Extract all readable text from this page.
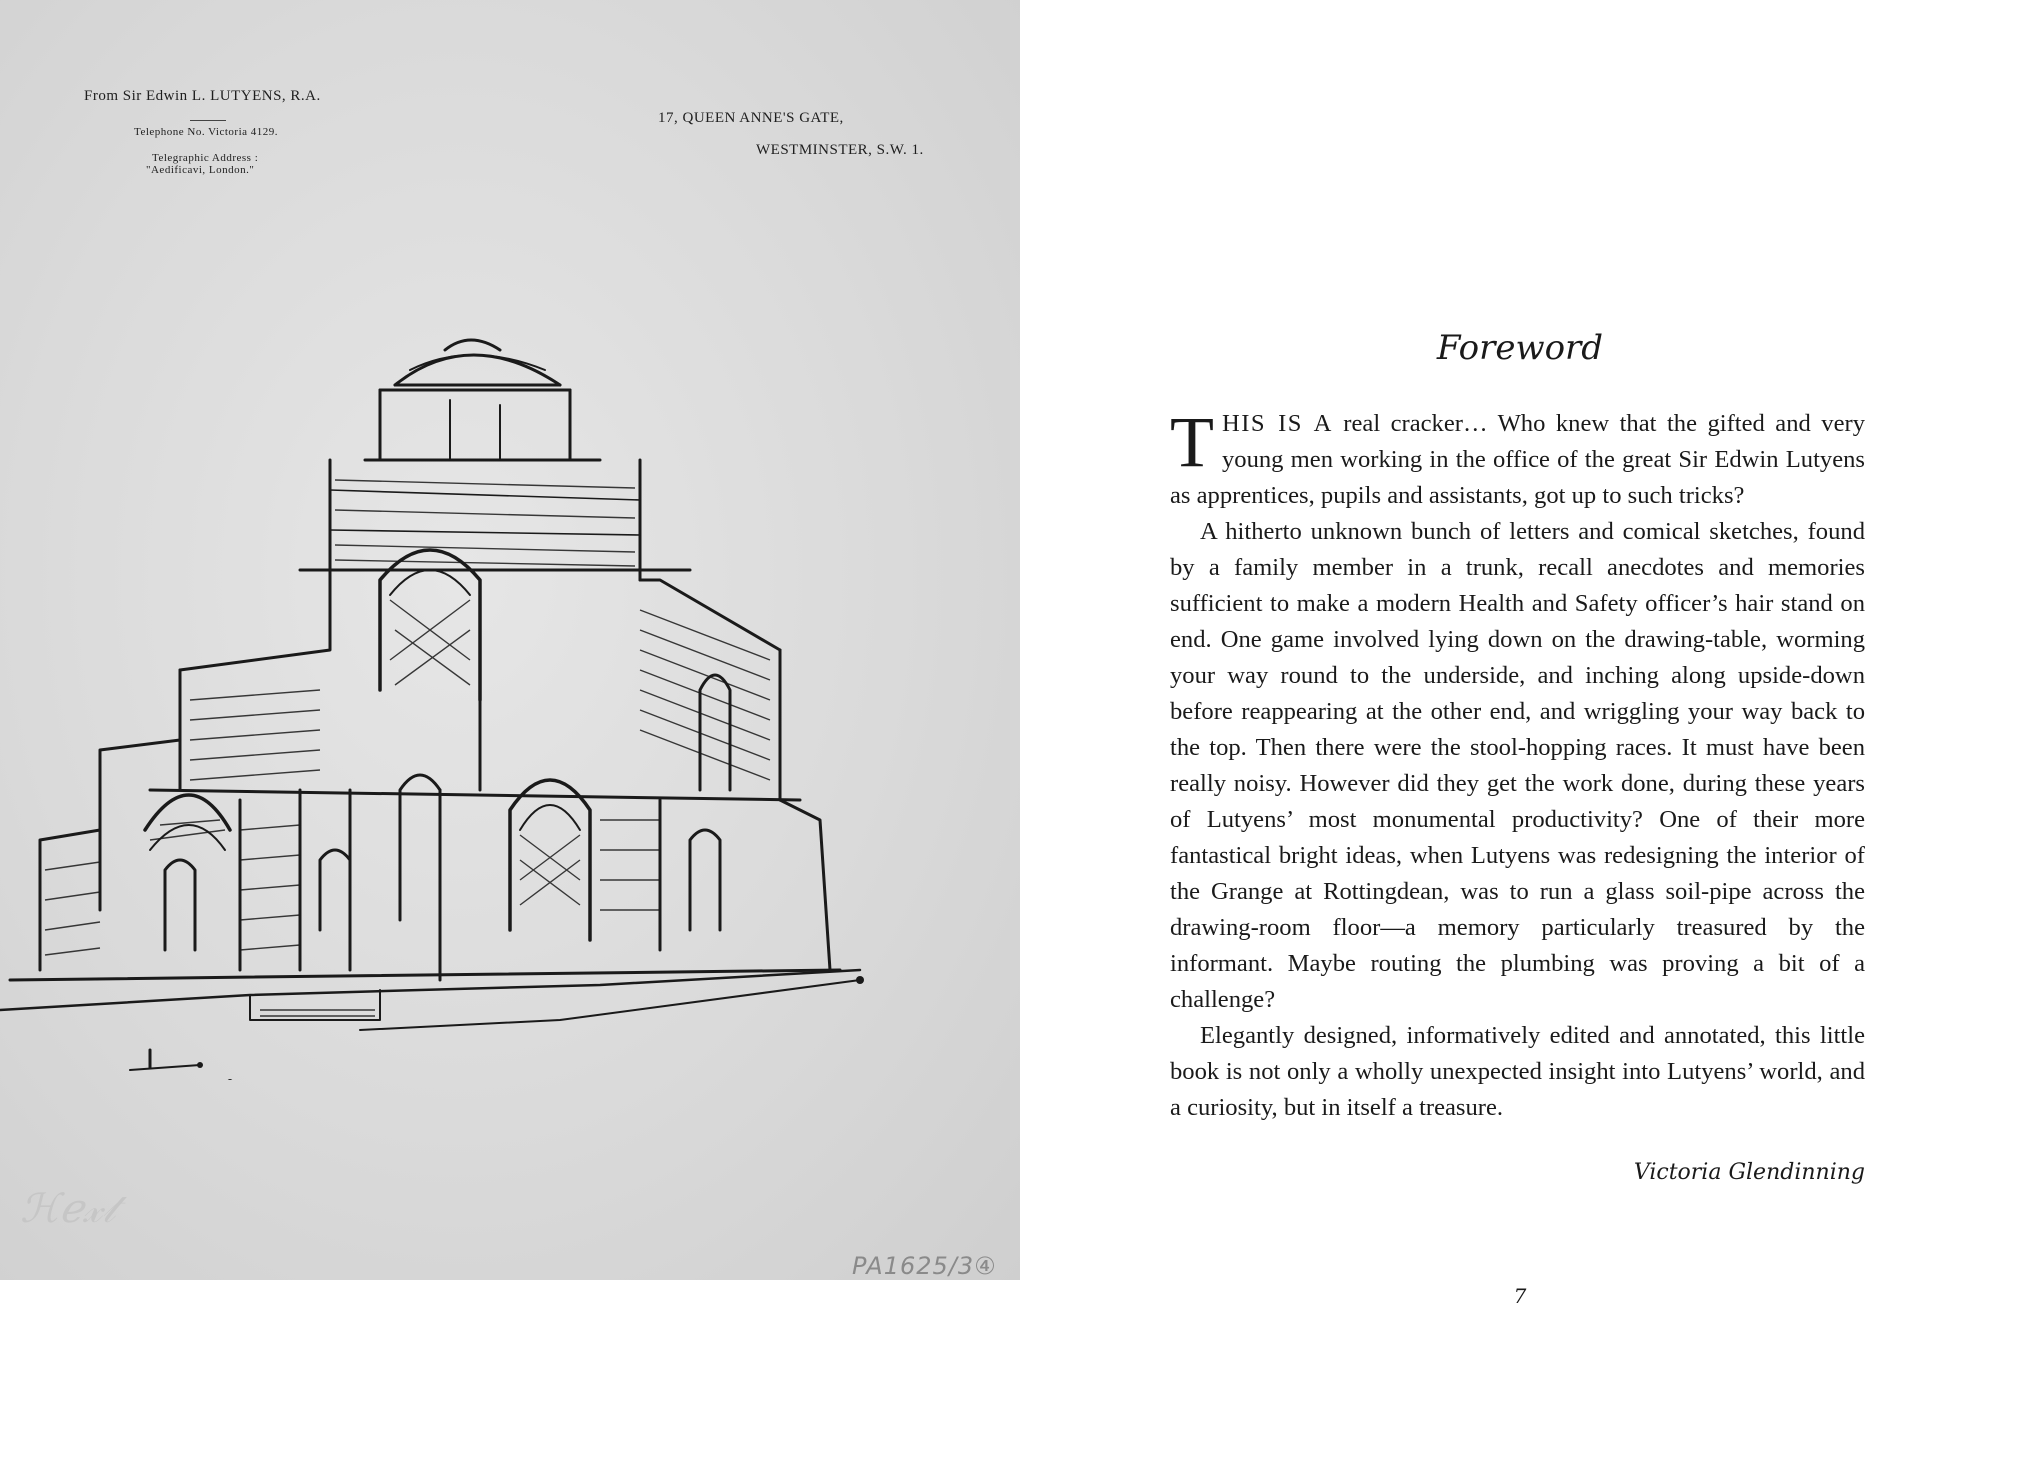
From Sir Edwin L. LUTYENS, R.A.
Telephone No. Victoria 4129.
Telegraphic Address :
"Aedificavi, London."
17, QUEEN ANNE'S GATE,
WESTMINSTER, S.W. 1.
ℋℯ𝓍𝓉
PA1625/3④
Foreword

THIS IS A real cracker… Who knew that the gifted and very young men working in the office of the great Sir Edwin Lutyens as apprentices, pupils and assistants, got up to such tricks?

A hitherto unknown bunch of letters and comical sketches, found by a family member in a trunk, recall anecdotes and memories sufficient to make a modern Health and Safety officer’s hair stand on end. One game involved lying down on the drawing-table, worming your way round to the underside, and inching along upside-down before reappearing at the other end, and wriggling your way back to the top. Then there were the stool-hopping races. It must have been really noisy. However did they get the work done, during these years of Lutyens’ most monumental productivity? One of their more fantastical bright ideas, when Lutyens was redesigning the interior of the Grange at Rottingdean, was to run a glass soil-pipe across the drawing-room floor—a memory particularly treasured by the informant. Maybe routing the plumbing was proving a bit of a challenge?

Elegantly designed, informatively edited and annotated, this little book is not only a wholly unexpected insight into Lutyens’ world, and a curiosity, but in itself a treasure.

Victoria Glendinning
7
